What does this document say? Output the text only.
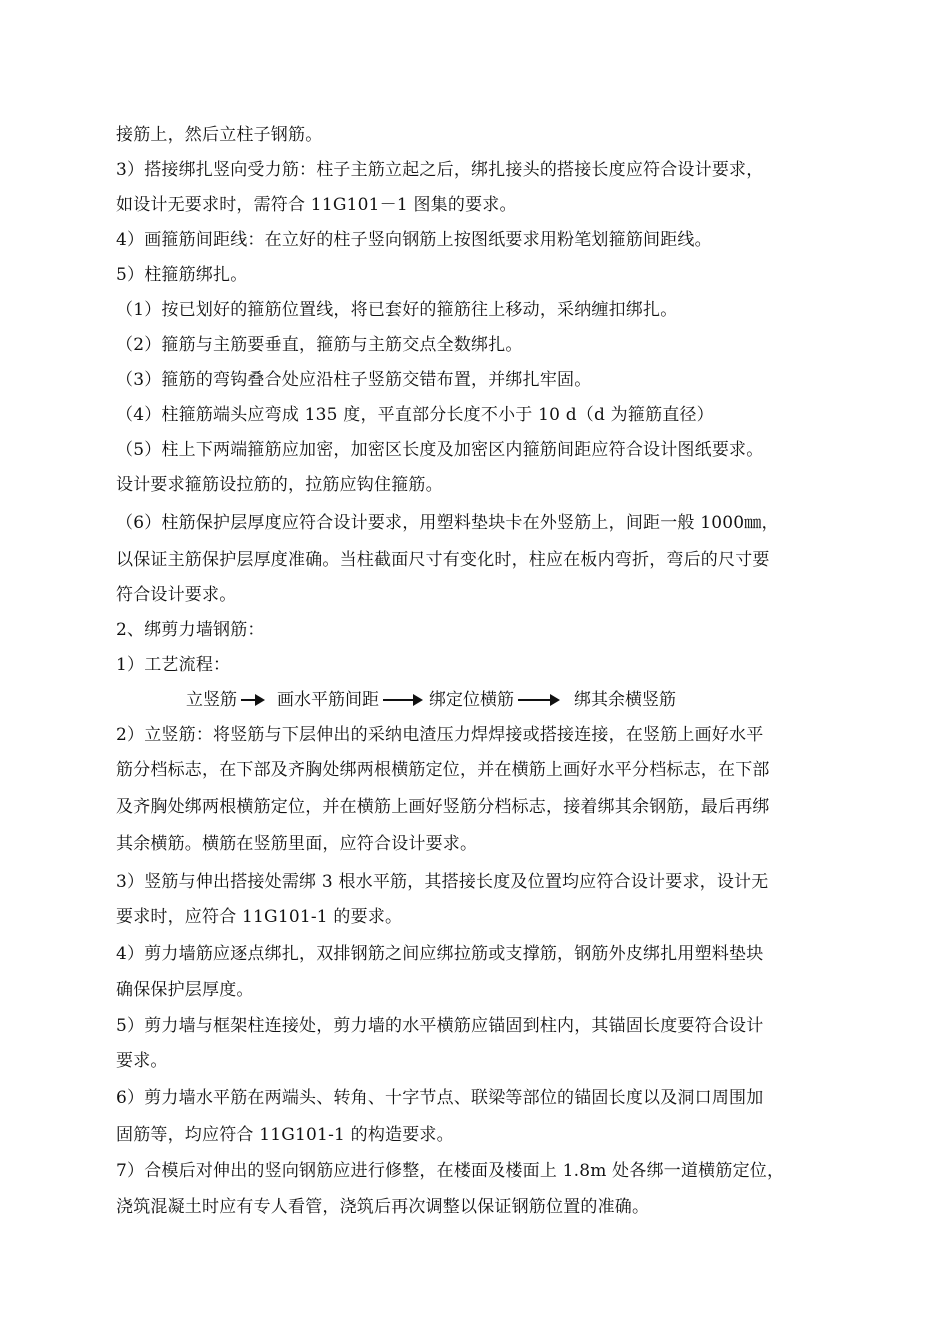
接筋上，然后立柱子钢筋。
3）搭接绑扎竖向受力筋：柱子主筋立起之后，绑扎接头的搭接长度应符合设计要求，
如设计无要求时，需符合 11G101－1 图集的要求。
4）画箍筋间距线：在立好的柱子竖向钢筋上按图纸要求用粉笔划箍筋间距线。
5）柱箍筋绑扎。
（1）按已划好的箍筋位置线，将已套好的箍筋往上移动，采纳缠扣绑扎。
（2）箍筋与主筋要垂直，箍筋与主筋交点全数绑扎。
（3）箍筋的弯钩叠合处应沿柱子竖筋交错布置，并绑扎牢固。
（4）柱箍筋端头应弯成 135 度，平直部分长度不小于 10 d（d 为箍筋直径）
（5）柱上下两端箍筋应加密，加密区长度及加密区内箍筋间距应符合设计图纸要求。
设计要求箍筋设拉筋的，拉筋应钩住箍筋。
（6）柱筋保护层厚度应符合设计要求，用塑料垫块卡在外竖筋上，间距一般 1000㎜，
以保证主筋保护层厚度准确。当柱截面尺寸有变化时，柱应在板内弯折，弯后的尺寸要
符合设计要求。
2、绑剪力墙钢筋：
1）工艺流程：
立竖筋 画水平筋间距	绑定位横筋	绑其余横竖筋
2）立竖筋：将竖筋与下层伸出的采纳电渣压力焊焊接或搭接连接，在竖筋上画好水平
筋分档标志，在下部及齐胸处绑两根横筋定位，并在横筋上画好水平分档标志，在下部
及齐胸处绑两根横筋定位，并在横筋上画好竖筋分档标志，接着绑其余钢筋，最后再绑
其余横筋。横筋在竖筋里面，应符合设计要求。
3）竖筋与伸出搭接处需绑 3 根水平筋，其搭接长度及位置均应符合设计要求，设计无
要求时，应符合 11G101-1 的要求。
4）剪力墙筋应逐点绑扎，双排钢筋之间应绑拉筋或支撑筋，钢筋外皮绑扎用塑料垫块
确保保护层厚度。
5）剪力墙与框架柱连接处，剪力墙的水平横筋应锚固到柱内，其锚固长度要符合设计
要求。
6）剪力墙水平筋在两端头、转角、十字节点、联梁等部位的锚固长度以及洞口周围加
固筋等，均应符合 11G101-1 的构造要求。
7）合模后对伸出的竖向钢筋应进行修整，在楼面及楼面上 1.8m 处各绑一道横筋定位，
浇筑混凝土时应有专人看管，浇筑后再次调整以保证钢筋位置的准确。
